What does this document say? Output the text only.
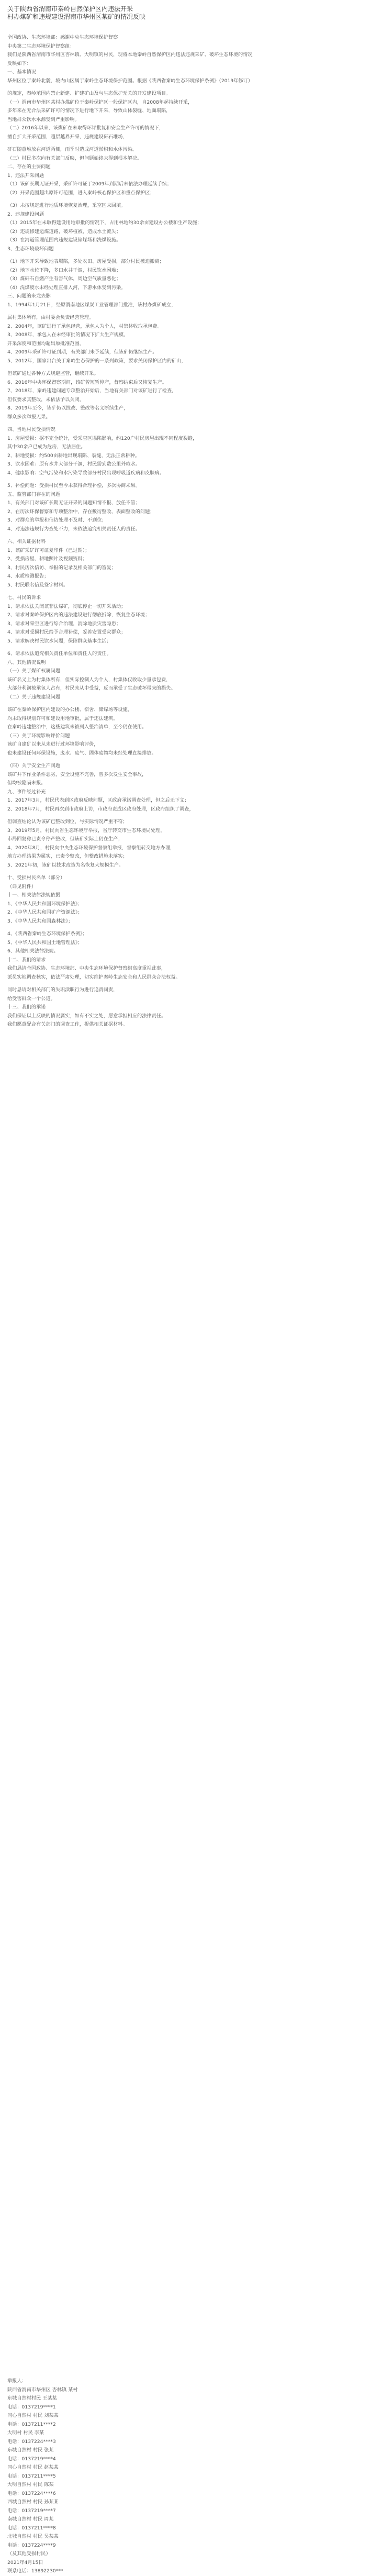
关于陕西省渭南市秦岭自然保护区内违法开采
村办煤矿和违规建设渭南市华州区某矿的情况反映
全国政协、生态环境部：感谢中央生态环境保护督察
中央第二生态环境保护督察组：
我们是陕西省渭南市华州区杏林镇、大明镇的村民，现将本地秦岭自然保护区内违法违规采矿、破坏生态环境的情况
反映如下：
一、基本情况
华州区位于秦岭北麓，境内山区属于秦岭生态环境保护范围。根据《陕西省秦岭生态环境保护条例》（2019年修订）
的规定，秦岭范围内禁止新建、扩建矿山及与生态保护无关的开发建设项目。
（一）渭南市华州区某村办煤矿位于秦岭保护区一般保护区内，自2008年起持续开采，
多年来在无合法采矿许可的情况下进行地下开采，导致山体裂缝、地面塌陷，
当地群众饮水水源受到严重影响。
（二）2016年以来，该煤矿在未取得环评批复和安全生产许可的情况下，
擅自扩大开采范围，超层越界开采，违规建设矸石堆场，
矸石随意堆放在河道两侧，雨季时造成河道淤积和水体污染。
（三）村民多次向有关部门反映，但问题始终未得到根本解决。
二、存在的主要问题
1、违法开采问题
（1）该矿长期无证开采，采矿许可证于2009年到期后未依法办理延续手续；
（2）开采范围超出原许可范围，进入秦岭核心保护区和重点保护区；
（3）未按规定进行地质环境恢复治理，采空区未回填。
2、违规建设问题
（1）2015年在未取得建设用地审批的情况下，占用林地约30余亩建设办公楼和生产设施；
（2）违规修建运煤道路，破坏植被，造成水土流失；
（3）在河道管理范围内违规建设储煤场和洗煤设施。
3、生态环境破坏问题
（1）地下开采导致地表塌陷，多处农田、房屋受损，部分村民被迫搬离；
（2）地下水位下降，多口水井干涸，村民饮水困难；
（3）煤矸石自燃产生有害气体，周边空气质量恶化；
（4）洗煤废水未经处理直排入河，下游水体受到污染。
三、问题的来龙去脉
1、1994年1月21日，经原渭南地区煤炭工业管理部门批准，该村办煤矿成立，
属村集体所有，由村委会负责经营管理。
2、2004年，该矿进行了承包经营，承包人为个人，村集体收取承包费。
3、2008年，承包人在未经审批的情况下扩大生产规模，
开采深度和范围均超出原批准范围。
4、2009年采矿许可证到期，有关部门未予延续，但该矿仍继续生产。
5、2012年，国家出台关于秦岭生态保护的一系列政策，要求关闭保护区内的矿山，
但该矿通过各种方式规避监管，继续开采。
6、2016年中央环保督察期间，该矿曾短暂停产，督察结束后又恢复生产。
7、2018年，秦岭违建问题专项整治开始后，当地有关部门对该矿进行了检查，
但仅要求其整改，未依法予以关闭。
8、2019年至今，该矿仍以技改、整改等名义断续生产，
群众多次举报无果。
四、当地村民受损情况
1、房屋受损：据不完全统计，受采空区塌陷影响，约120户村民房屋出现不同程度裂缝，
其中30余户已成为危房，无法居住。
2、耕地受损：约500亩耕地出现塌陷、裂缝，无法正常耕种。
3、饮水困难：原有水井大部分干涸，村民需到数公里外取水。
4、健康影响：空气污染和水污染导致部分村民出现呼吸道疾病和皮肤病。
5、补偿问题：受损村民至今未获得合理补偿，多次协商未果。
五、监管部门存在的问题
1、有关部门对该矿长期无证开采的问题知情不报、放任不管；
2、在历次环保督察和专项整治中，存在敷衍整改、表面整改的问题；
3、对群众的举报和信访处理不及时、不到位；
4、对违法违规行为查处不力，未依法追究相关责任人的责任。
六、相关证据材料
1、该矿采矿许可证复印件（已过期）；
2、受损房屋、耕地照片及视频资料；
3、村民历次信访、举报的记录及相关部门的答复；
4、水质检测报告；
5、村民联名信及签字材料。
七、村民的诉求
1、请求依法关闭该非法煤矿，彻底停止一切开采活动；
2、请求对秦岭保护区内的违法建设进行彻底拆除，恢复生态环境；
3、请求对采空区进行综合治理，消除地质灾害隐患；
4、请求对受损村民给予合理补偿，妥善安置受灾群众；
5、请求解决村民饮水问题，保障群众基本生活；
6、请求依法追究相关责任单位和责任人的责任。
八、其他情况说明
（一）关于煤矿权属问题
该矿名义上为村集体所有，但实际控制人为个人，村集体仅收取少量承包费，
大部分利润被承包人占有，村民未从中受益，反而承受了生态破坏带来的损失。
（二）关于违规建设问题
该矿在秦岭保护区内建设的办公楼、宿舍、储煤场等设施，
均未取得规划许可和建设用地审批，属于违法建筑。
在秦岭违建整治中，这些建筑未被列入整治清单，至今仍在使用。
（三）关于环境影响评价问题
该矿自建矿以来从未进行过环境影响评价，
也未建设任何环保设施，废水、废气、固体废物均未经处理直接排放。
（四）关于安全生产问题
该矿井下作业条件恶劣，安全设施不完善，曾多次发生安全事故，
但均被隐瞒未报。
九、事件经过补充
1、2017年3月，村民代表到区政府反映问题，区政府承诺调查处理，但之后无下文；
2、2018年7月，村民再次到市政府上访，市政府责成区政府处理，区政府组织了调查，
但调查结论认为该矿已整改到位，与实际情况严重不符；
3、2019年5月，村民向省生态环境厅举报，省厅转交市生态环境局处理，
市局回复称已责令停产整改，但该矿实际上仍在生产；
4、2020年8月，村民向中央生态环境保护督察组举报，督察组转交地方办理，
地方办理结果为属实，已责令整改，但整改措施未落实；
5、2021年初，该矿以技术改造为名恢复大规模生产。
十、受损村民名单（部分）
（详见附件）
十一、相关法律法规依据
1、《中华人民共和国环境保护法》；
2、《中华人民共和国矿产资源法》；
3、《中华人民共和国森林法》；
4、《陕西省秦岭生态环境保护条例》；
5、《中华人民共和国土地管理法》；
6、其他相关法律法规。
十二、我们的请求
我们恳请全国政协、生态环境部、中央生态环境保护督察组高度重视此事，
派员实地调查核实，依法严肃处理，切实维护秦岭生态安全和人民群众合法权益。
同时恳请对相关部门的失职渎职行为进行追责问责，
给受害群众一个公道。
十三、我们的承诺
我们保证以上反映的情况属实，如有不实之处，愿意承担相应的法律责任。
我们愿意配合有关部门的调查工作，提供相关证据材料。
举报人：
陕西省渭南市华州区 杏林镇 某村
东城自然村村民 王某某
电话：0137219****1
同心自然村 村民 刘某某
电话：0137211****2
大明村 村民 李某
电话：0137224****3
东城自然村 村民 张某
电话：0137219****4
同心自然村 村民 赵某某
电话：0137211****5
大明自然村 村民 陈某
电话：0137224****6
西城自然村 村民 孙某某
电话：0137219****7
南城自然村 村民 周某
电话：0137211****8
北城自然村 村民 吴某某
电话：0137224****9
（及其他受损村民）
2021年4月15日
联系电话：13892230***
